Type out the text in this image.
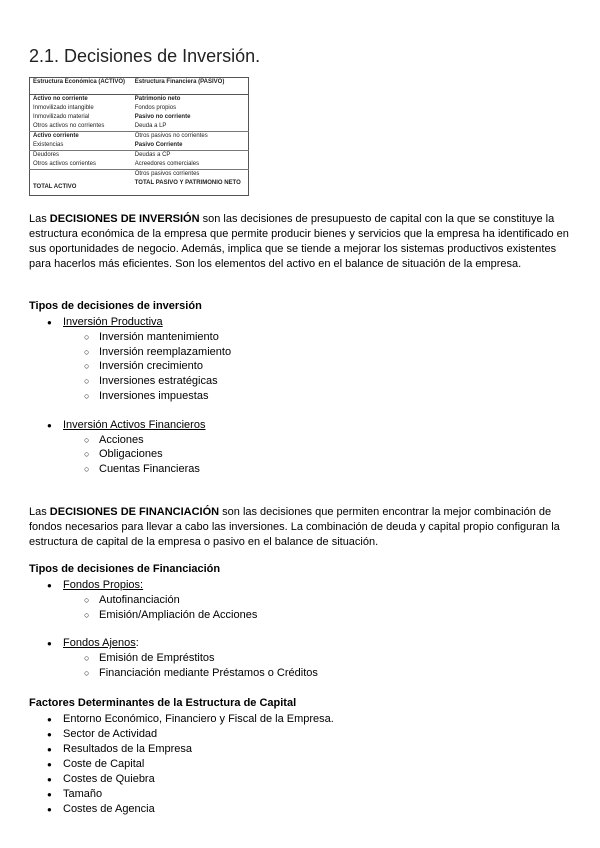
2.1. Decisiones de Inversión.
Estructura Económica (ACTIVO)	Estructura Financiera (PASIVO)
Activo no corriente	Patrimonio neto
Inmovilizado intangible	Fondos propios
Inmovilizado material	Pasivo no corriente
Otros activos no corrientes	Deuda a LP
Activo corriente	Otros pasivos no corrientes
Existencias	Pasivo Corriente
Deudores	Deudas a CP
Otros activos corrientes	Acreedores comerciales
	Otros pasivos corrientes
TOTAL ACTIVO	TOTAL PASIVO Y PATRIMONIO NETO

Las DECISIONES DE INVERSIÓN son las decisiones de presupuesto de capital con la que se constituye la estructura económica de la empresa que permite producir bienes y servicios que la empresa ha identificado en sus oportunidades de negocio. Además, implica que se tiende a mejorar los sistemas productivos existentes para hacerlos más eficientes. Son los elementos del activo en el balance de situación de la empresa.

Tipos de decisiones de inversión

● Inversión Productiva
○ Inversión mantenimiento
○ Inversión reemplazamiento
○ Inversión crecimiento
○ Inversiones estratégicas
○ Inversiones impuestas
● Inversión Activos Financieros
○ Acciones
○ Obligaciones
○ Cuentas Financieras

Las DECISIONES DE FINANCIACIÓN son las decisiones que permiten encontrar la mejor combinación de fondos necesarios para llevar a cabo las inversiones. La combinación de deuda y capital propio configuran la estructura de capital de la empresa o pasivo en el balance de situación.

Tipos de decisiones de Financiación

● Fondos Propios:
○ Autofinanciación
○ Emisión/Ampliación de Acciones
● Fondos Ajenos:
○ Emisión de Empréstitos
○ Financiación mediante Préstamos o Créditos

Factores Determinantes de la Estructura de Capital

● Entorno Económico, Financiero y Fiscal de la Empresa.
● Sector de Actividad
● Resultados de la Empresa
● Coste de Capital
● Costes de Quiebra
● Tamaño
● Costes de Agencia
